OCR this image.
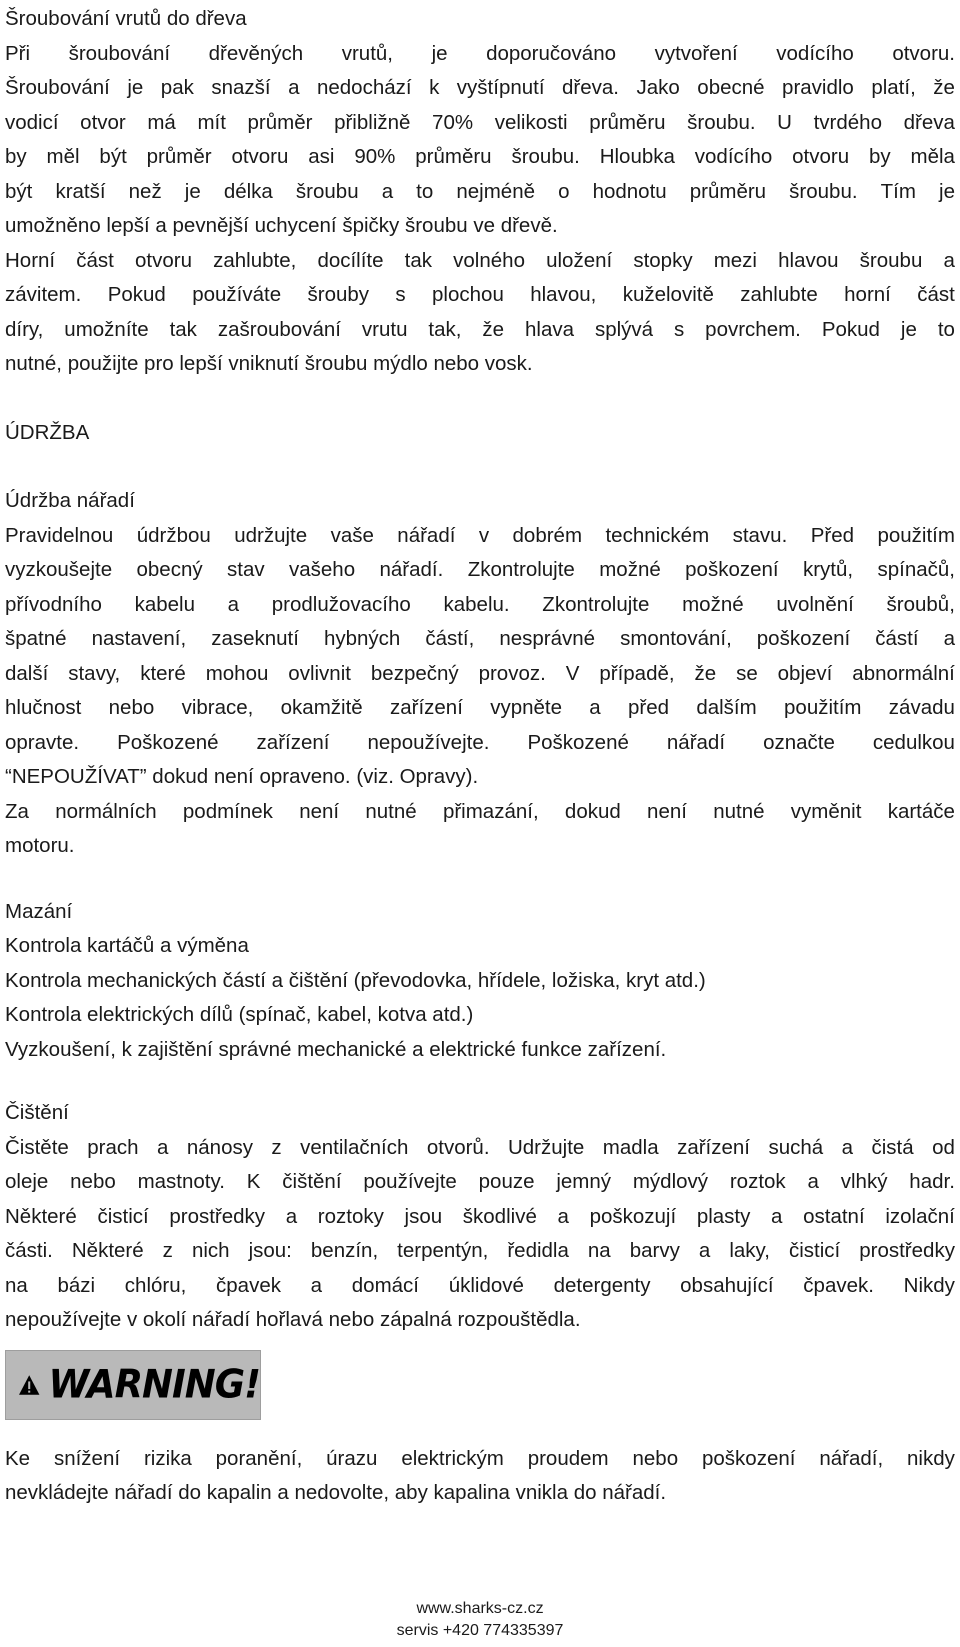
Šroubování vrutů do dřeva
Při šroubování dřevěných vrutů, je doporučováno vytvoření vodícího otvoru.
Šroubování je pak snazší a nedochází k vyštípnutí dřeva. Jako obecné pravidlo platí, že
vodicí otvor má mít průměr přibližně 70% velikosti průměru šroubu. U tvrdého dřeva
by měl být průměr otvoru asi 90% průměru šroubu. Hloubka vodícího otvoru by měla
být kratší než je délka šroubu a to nejméně o hodnotu průměru šroubu. Tím je
umožněno lepší a pevnější uchycení špičky šroubu ve dřevě.
Horní část otvoru zahlubte, docílíte tak volného uložení stopky mezi hlavou šroubu a
závitem. Pokud používáte šrouby s plochou hlavou, kuželovitě zahlubte horní část
díry, umožníte tak zašroubování vrutu tak, že hlava splývá s povrchem. Pokud je to
nutné, použijte pro lepší vniknutí šroubu mýdlo nebo vosk.
ÚDRŽBA
Údržba nářadí
Pravidelnou údržbou udržujte vaše nářadí v dobrém technickém stavu. Před použitím
vyzkoušejte obecný stav vašeho nářadí. Zkontrolujte možné poškození krytů, spínačů,
přívodního kabelu a prodlužovacího kabelu. Zkontrolujte možné uvolnění šroubů,
špatné nastavení, zaseknutí hybných částí, nesprávné smontování, poškození částí a
další stavy, které mohou ovlivnit bezpečný provoz. V případě, že se objeví abnormální
hlučnost nebo vibrace, okamžitě zařízení vypněte a před dalším použitím závadu
opravte. Poškozené zařízení nepoužívejte. Poškozené nářadí označte cedulkou
“NEPOUŽÍVAT” dokud není opraveno. (viz. Opravy).
Za normálních podmínek není nutné přimazání, dokud není nutné vyměnit kartáče
motoru.
Mazání
Kontrola kartáčů a výměna
Kontrola mechanických částí a čištění (převodovka, hřídele, ložiska, kryt atd.)
Kontrola elektrických dílů (spínač, kabel, kotva atd.)
Vyzkoušení, k zajištění správné mechanické a elektrické funkce zařízení.
Čištění
Čistěte prach a nánosy z ventilačních otvorů. Udržujte madla zařízení suchá a čistá od
oleje nebo mastnoty. K čištění používejte pouze jemný mýdlový roztok a vlhký hadr.
Některé čisticí prostředky a roztoky jsou škodlivé a poškozují plasty a ostatní izolační
části. Některé z nich jsou: benzín, terpentýn, ředidla na barvy a laky, čisticí prostředky
na bázi chlóru, čpavek a domácí úklidové detergenty obsahující čpavek. Nikdy
nepoužívejte v okolí nářadí hořlavá nebo zápalná rozpouštědla.
WARNING!
Ke snížení rizika poranění, úrazu elektrickým proudem nebo poškození nářadí, nikdy
nevkládejte nářadí do kapalin a nedovolte, aby kapalina vnikla do nářadí.
www.sharks-cz.cz
servis +420 774335397
